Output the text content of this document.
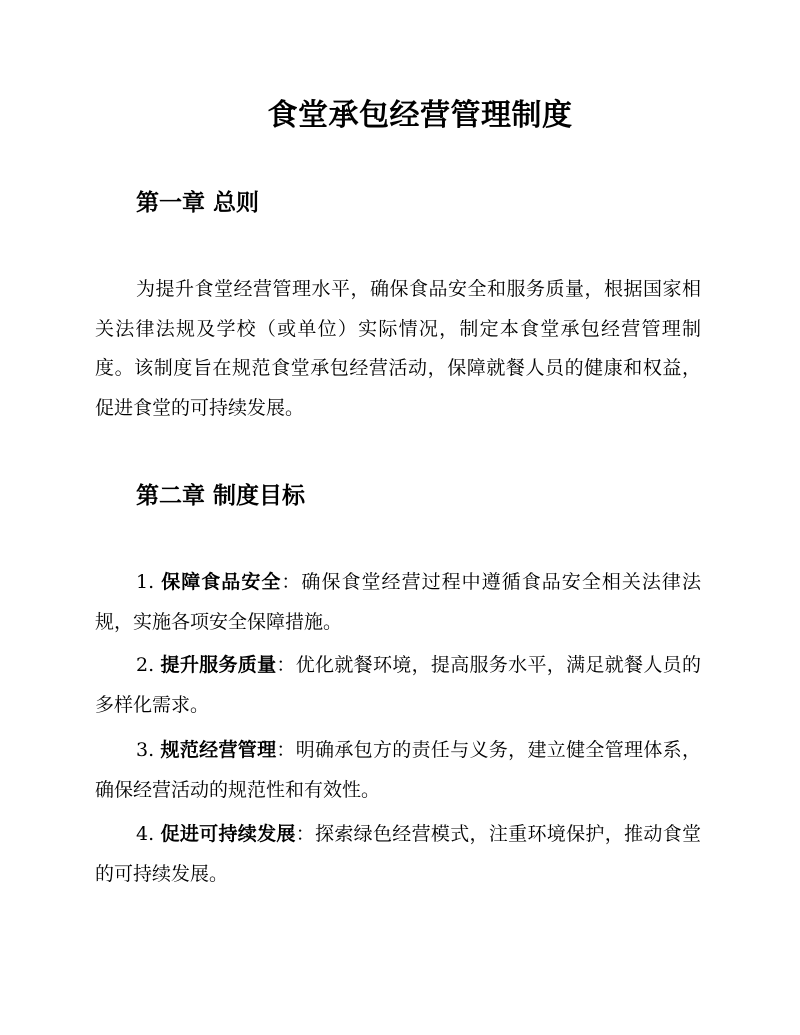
食堂承包经营管理制度
第一章 总则

为提升食堂经营管理水平，确保食品安全和服务质量，根据国家相关法律法规及学校（或单位）实际情况，制定本食堂承包经营管理制度。该制度旨在规范食堂承包经营活动，保障就餐人员的健康和权益，促进食堂的可持续发展。

第二章 制度目标

1. 保障食品安全：确保食堂经营过程中遵循食品安全相关法律法规，实施各项安全保障措施。

2. 提升服务质量：优化就餐环境，提高服务水平，满足就餐人员的多样化需求。

3. 规范经营管理：明确承包方的责任与义务，建立健全管理体系，确保经营活动的规范性和有效性。

4. 促进可持续发展：探索绿色经营模式，注重环境保护，推动食堂的可持续发展。
